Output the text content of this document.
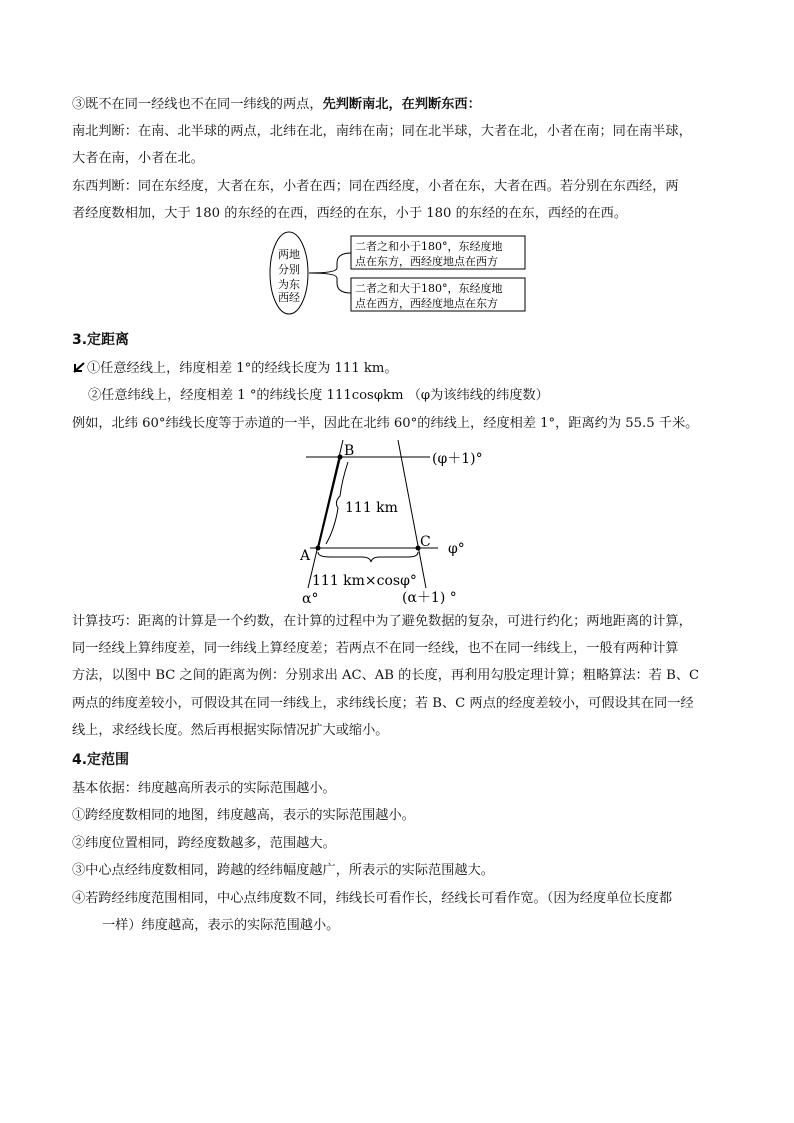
③既不在同一经线也不在同一纬线的两点，先判断南北，在判断东西：
南北判断：在南、北半球的两点，北纬在北，南纬在南；同在北半球，大者在北，小者在南；同在南半球，
大者在南，小者在北。
东西判断：同在东经度，大者在东，小者在西；同在西经度，小者在东，大者在西。若分别在东西经，两
者经度数相加，大于 180 的东经的在西，西经的在东，小于 180 的东经的在东，西经的在西。
两地
分别
为东
西经
二者之和小于180°，东经度地
点在东方，西经度地点在西方
二者之和大于180°，东经度地
点在西方，西经度地点在东方
3.定距离
①任意经线上，纬度相差 1°的经线长度为 111 km。
②任意纬线上，经度相差 1 °的纬线长度 111cosφkm （φ为该纬线的纬度数）
例如，北纬 60°纬线长度等于赤道的一半，因此在北纬 60°的纬线上，经度相差 1°，距离约为 55.5 千米。
B
A
C
(φ＋1)°
φ°
111 km
111 km×cosφ°
α°	(α＋1) °
计算技巧：距离的计算是一个约数，在计算的过程中为了避免数据的复杂，可进行约化；两地距离的计算，
同一经线上算纬度差，同一纬线上算经度差；若两点不在同一经线，也不在同一纬线上，一般有两种计算
方法，以图中 BC 之间的距离为例：分别求出 AC、AB 的长度，再利用勾股定理计算；粗略算法：若 B、C
两点的纬度差较小，可假设其在同一纬线上，求纬线长度；若 B、C 两点的经度差较小，可假设其在同一经
线上，求经线长度。然后再根据实际情况扩大或缩小。
4.定范围
基本依据：纬度越高所表示的实际范围越小。
①跨经度数相同的地图，纬度越高，表示的实际范围越小。
②纬度位置相同，跨经度数越多，范围越大。
③中心点经纬度数相同，跨越的经纬幅度越广，所表示的实际范围越大。
④若跨经纬度范围相同，中心点纬度数不同，纬线长可看作长，经线长可看作宽。（因为经度单位长度都
一样）纬度越高，表示的实际范围越小。
